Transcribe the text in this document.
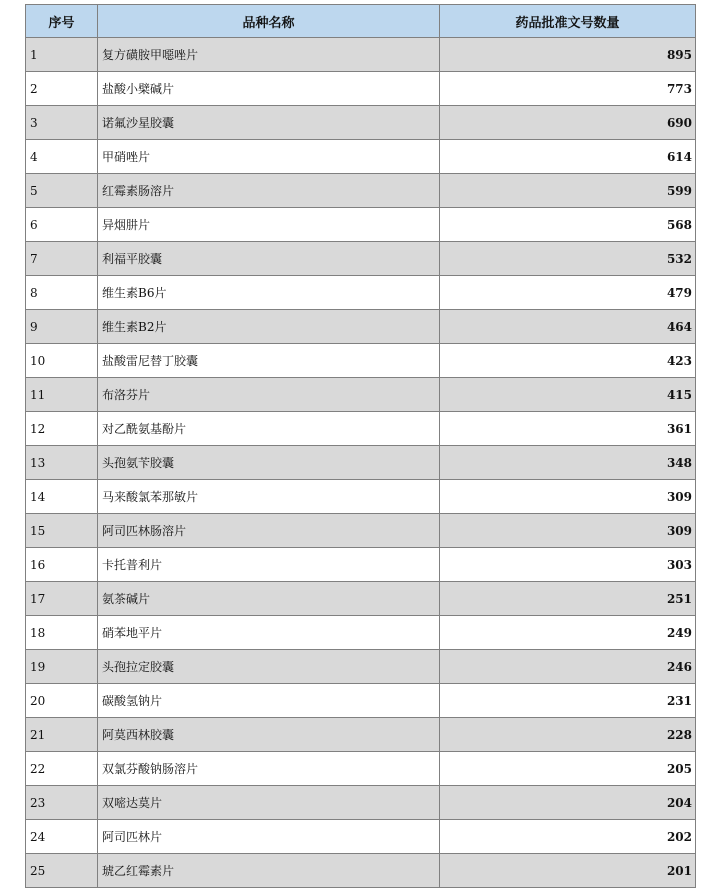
序号	品种名称	药品批准文号数量
1	复方磺胺甲噁唑片	895
2	盐酸小檗碱片	773
3	诺氟沙星胶囊	690
4	甲硝唑片	614
5	红霉素肠溶片	599
6	异烟肼片	568
7	利福平胶囊	532
8	维生素B6片	479
9	维生素B2片	464
10	盐酸雷尼替丁胶囊	423
11	布洛芬片	415
12	对乙酰氨基酚片	361
13	头孢氨苄胶囊	348
14	马来酸氯苯那敏片	309
15	阿司匹林肠溶片	309
16	卡托普利片	303
17	氨茶碱片	251
18	硝苯地平片	249
19	头孢拉定胶囊	246
20	碳酸氢钠片	231
21	阿莫西林胶囊	228
22	双氯芬酸钠肠溶片	205
23	双嘧达莫片	204
24	阿司匹林片	202
25	琥乙红霉素片	201
